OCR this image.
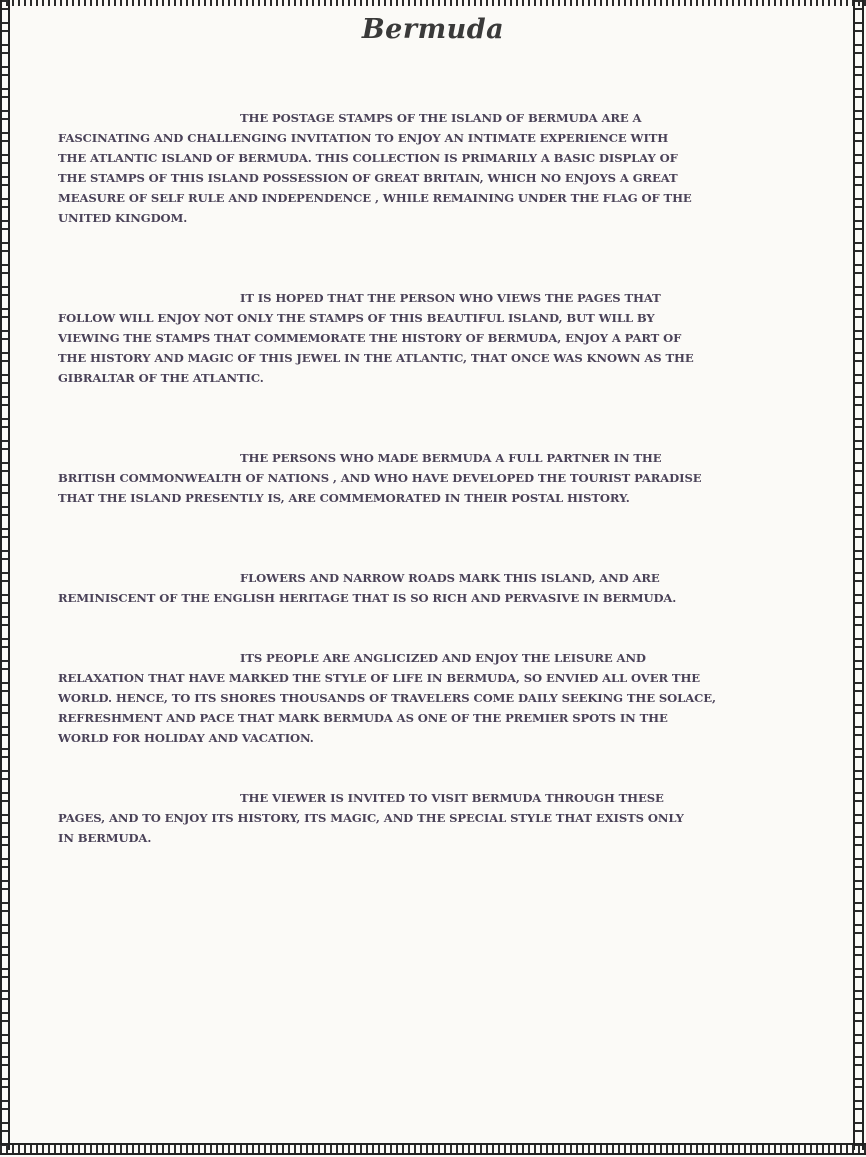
Bermuda

THE POSTAGE STAMPS OF THE ISLAND OF BERMUDA ARE A FASCINATING AND CHALLENGING INVITATION TO ENJOY AN INTIMATE EXPERIENCE WITH THE ATLANTIC ISLAND OF BERMUDA. THIS COLLECTION IS PRIMARILY A BASIC DISPLAY OF THE STAMPS OF THIS ISLAND POSSESSION OF GREAT BRITAIN, WHICH NO ENJOYS A GREAT MEASURE OF SELF RULE AND INDEPENDENCE , WHILE REMAINING UNDER THE FLAG OF THE UNITED KINGDOM.

IT IS HOPED THAT THE PERSON WHO VIEWS THE PAGES THAT FOLLOW WILL ENJOY NOT ONLY THE STAMPS OF THIS BEAUTIFUL ISLAND, BUT WILL BY VIEWING THE STAMPS THAT COMMEMORATE THE HISTORY OF BERMUDA, ENJOY A PART OF THE HISTORY AND MAGIC OF THIS JEWEL IN THE ATLANTIC, THAT ONCE WAS KNOWN AS THE GIBRALTAR OF THE ATLANTIC.

THE PERSONS WHO MADE BERMUDA A FULL PARTNER IN THE BRITISH COMMONWEALTH OF NATIONS , AND WHO HAVE DEVELOPED THE TOURIST PARADISE THAT THE ISLAND PRESENTLY IS, ARE COMMEMORATED IN THEIR POSTAL HISTORY.

FLOWERS AND NARROW ROADS MARK THIS ISLAND, AND ARE REMINISCENT OF THE ENGLISH HERITAGE THAT IS SO RICH AND PERVASIVE IN BERMUDA.

ITS PEOPLE ARE ANGLICIZED AND ENJOY THE LEISURE AND RELAXATION THAT HAVE MARKED THE STYLE OF LIFE IN BERMUDA, SO ENVIED ALL OVER THE WORLD. HENCE, TO ITS SHORES THOUSANDS OF TRAVELERS COME DAILY SEEKING THE SOLACE, REFRESHMENT AND PACE THAT MARK BERMUDA AS ONE OF THE PREMIER SPOTS IN THE WORLD FOR HOLIDAY AND VACATION.

THE VIEWER IS INVITED TO VISIT BERMUDA THROUGH THESE PAGES, AND TO ENJOY ITS HISTORY, ITS MAGIC, AND THE SPECIAL STYLE THAT EXISTS ONLY IN BERMUDA.
